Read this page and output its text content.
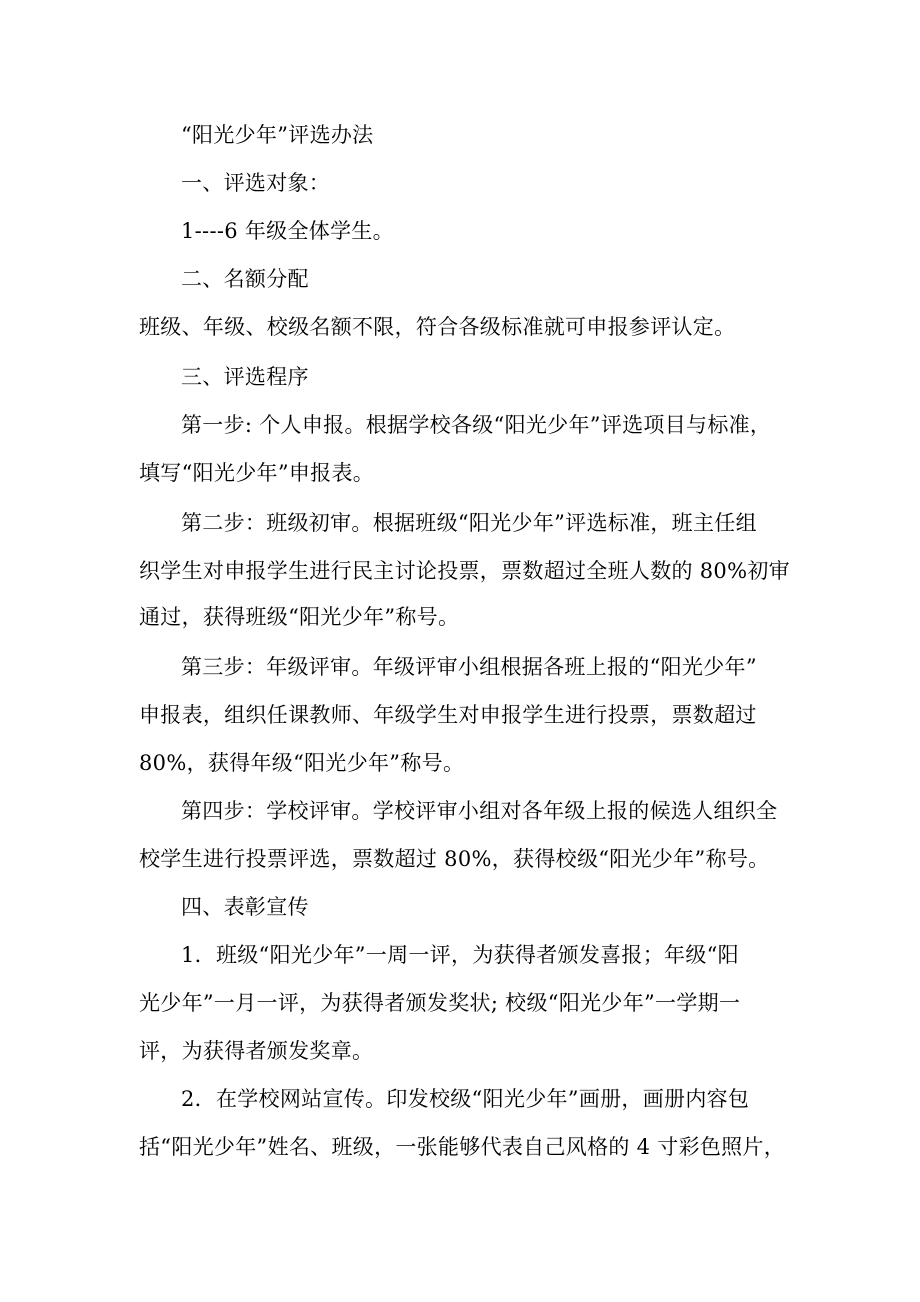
“阳光少年”评选办法
一、评选对象：
1----6 年级全体学生。
二、名额分配
班级、年级、校级名额不限，符合各级标准就可申报参评认定。
三、评选程序
第一步: 个人申报。根据学校各级“阳光少年”评选项目与标准，
填写“阳光少年”申报表。
第二步：班级初审。根据班级“阳光少年”评选标准，班主任组
织学生对申报学生进行民主讨论投票，票数超过全班人数的 80%初审
通过，获得班级“阳光少年”称号。
第三步：年级评审。年级评审小组根据各班上报的“阳光少年”
申报表，组织任课教师、年级学生对申报学生进行投票，票数超过
80%，获得年级“阳光少年”称号。
第四步：学校评审。学校评审小组对各年级上报的候选人组织全
校学生进行投票评选，票数超过 80%，获得校级“阳光少年”称号。
四、表彰宣传
1．班级“阳光少年”一周一评，为获得者颁发喜报；年级“阳
光少年”一月一评，为获得者颁发奖状; 校级“阳光少年”一学期一
评，为获得者颁发奖章。
2．在学校网站宣传。印发校级“阳光少年”画册，画册内容包
括“阳光少年”姓名、班级，一张能够代表自己风格的 4 寸彩色照片，
